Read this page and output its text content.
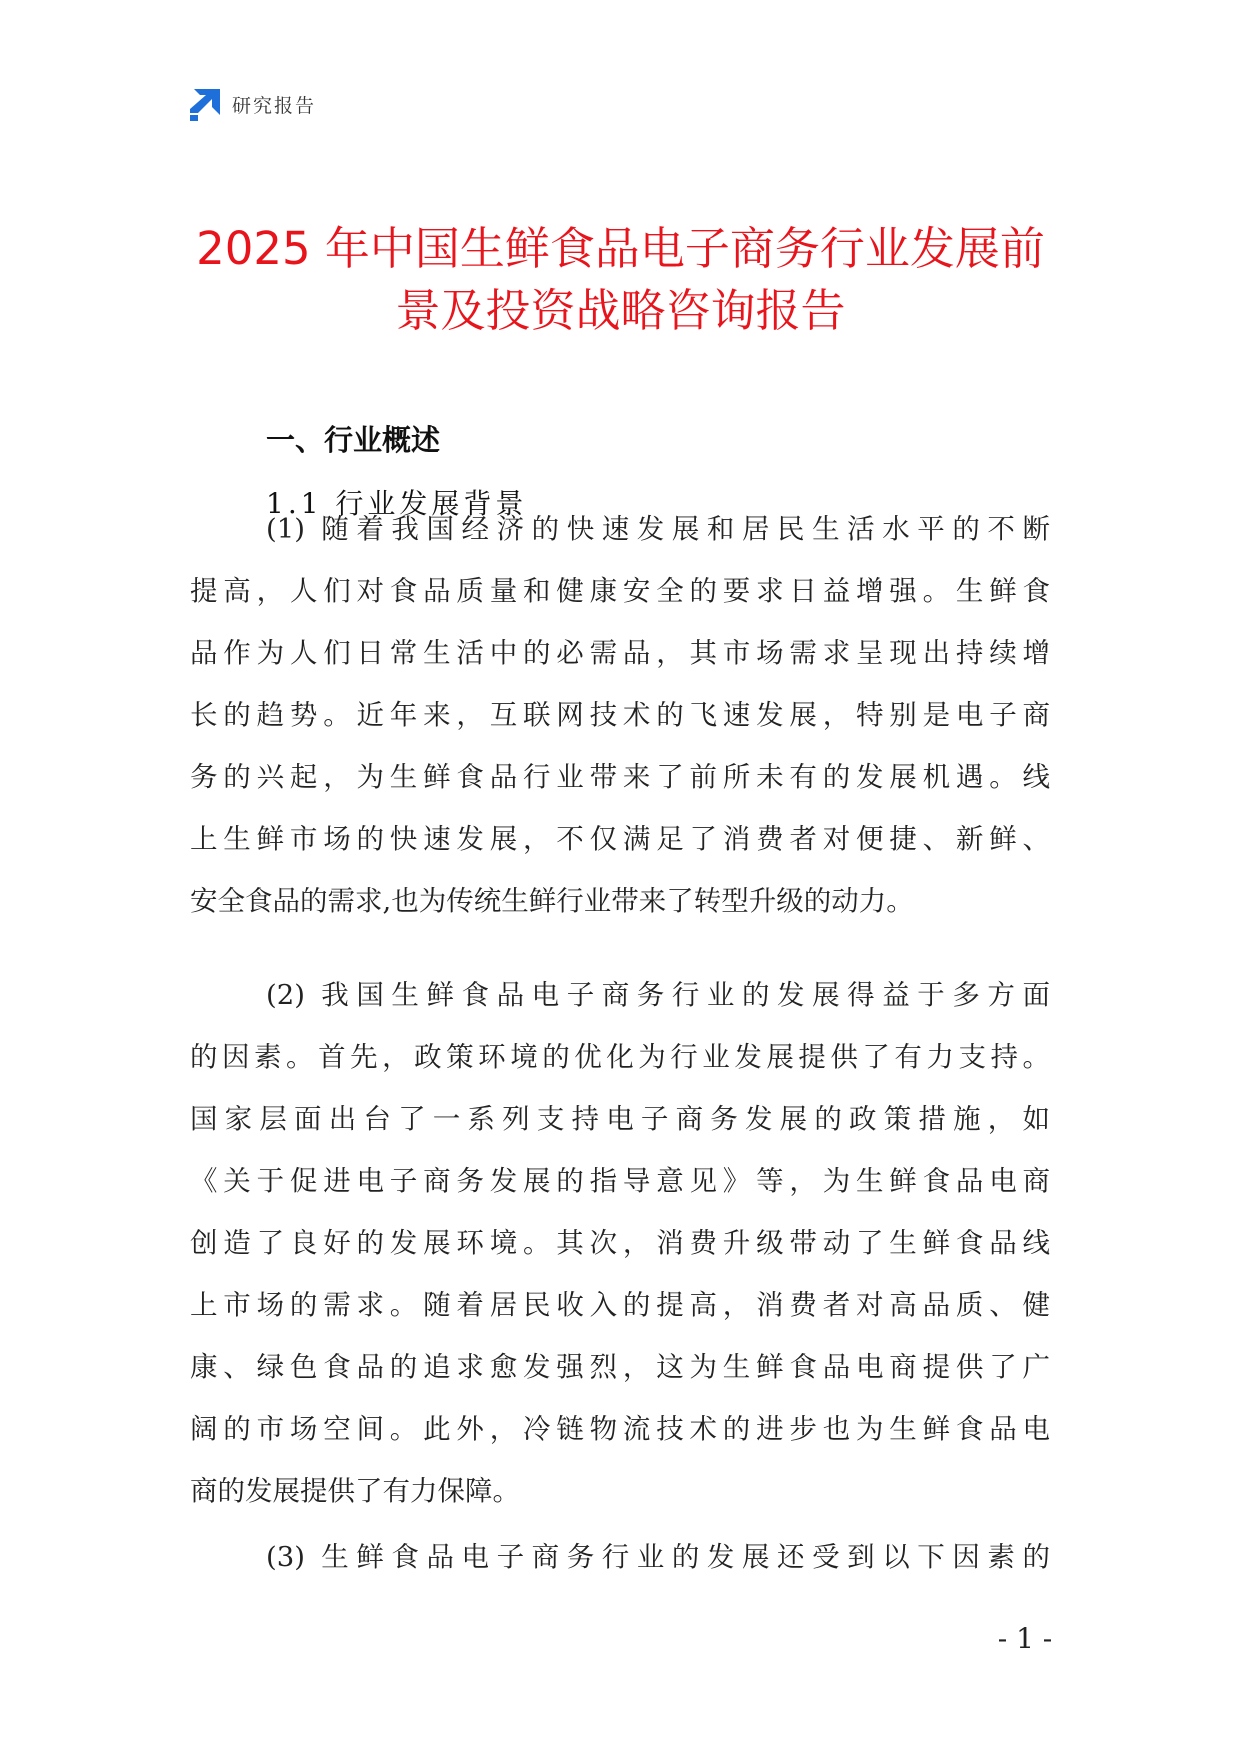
研究报告
2025 年中国生鲜食品电子商务行业发展前
景及投资战略咨询报告
一、行业概述
1.1 行业发展背景

(1) 随着我国经济的快速发展和居民生活水平的不断
提高，人们对食品质量和健康安全的要求日益增强。生鲜食
品作为人们日常生活中的必需品，其市场需求呈现出持续增
长的趋势。近年来，互联网技术的飞速发展，特别是电子商
务的兴起，为生鲜食品行业带来了前所未有的发展机遇。线
上生鲜市场的快速发展，不仅满足了消费者对便捷、新鲜、
安全食品的需求,也为传统生鲜行业带来了转型升级的动力。

(2) 我国生鲜食品电子商务行业的发展得益于多方面
的因素。首先，政策环境的优化为行业发展提供了有力支持。
国家层面出台了一系列支持电子商务发展的政策措施，如
《关于促进电子商务发展的指导意见》等，为生鲜食品电商
创造了良好的发展环境。其次，消费升级带动了生鲜食品线
上市场的需求。随着居民收入的提高，消费者对高品质、健
康、绿色食品的追求愈发强烈，这为生鲜食品电商提供了广
阔的市场空间。此外，冷链物流技术的进步也为生鲜食品电
商的发展提供了有力保障。

(3) 生鲜食品电子商务行业的发展还受到以下因素的

- 1 -
